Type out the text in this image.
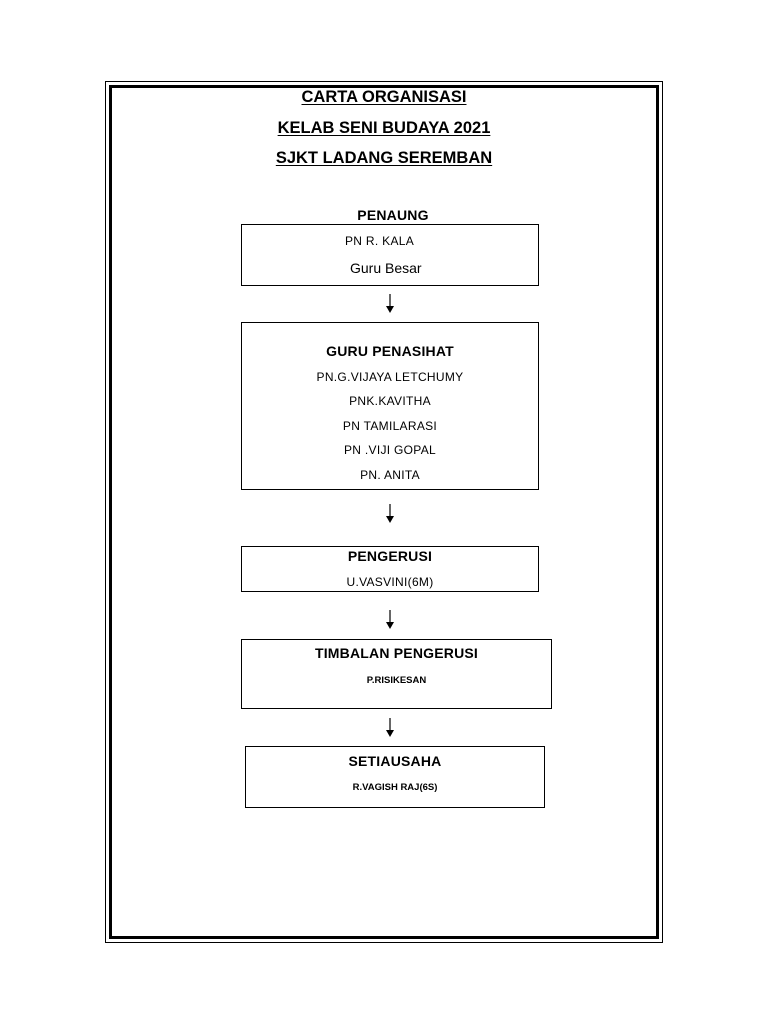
CARTA ORGANISASI
KELAB SENI BUDAYA 2021
SJKT LADANG SEREMBAN
PENAUNG
PN R. KALA
Guru Besar
GURU PENASIHAT
PN.G.VIJAYA LETCHUMY
PNK.KAVITHA
PN TAMILARASI
PN .VIJI GOPAL
PN. ANITA
PENGERUSI
U.VASVINI(6M)
TIMBALAN PENGERUSI
P.RISIKESAN
SETIAUSAHA
R.VAGISH RAJ(6S)
